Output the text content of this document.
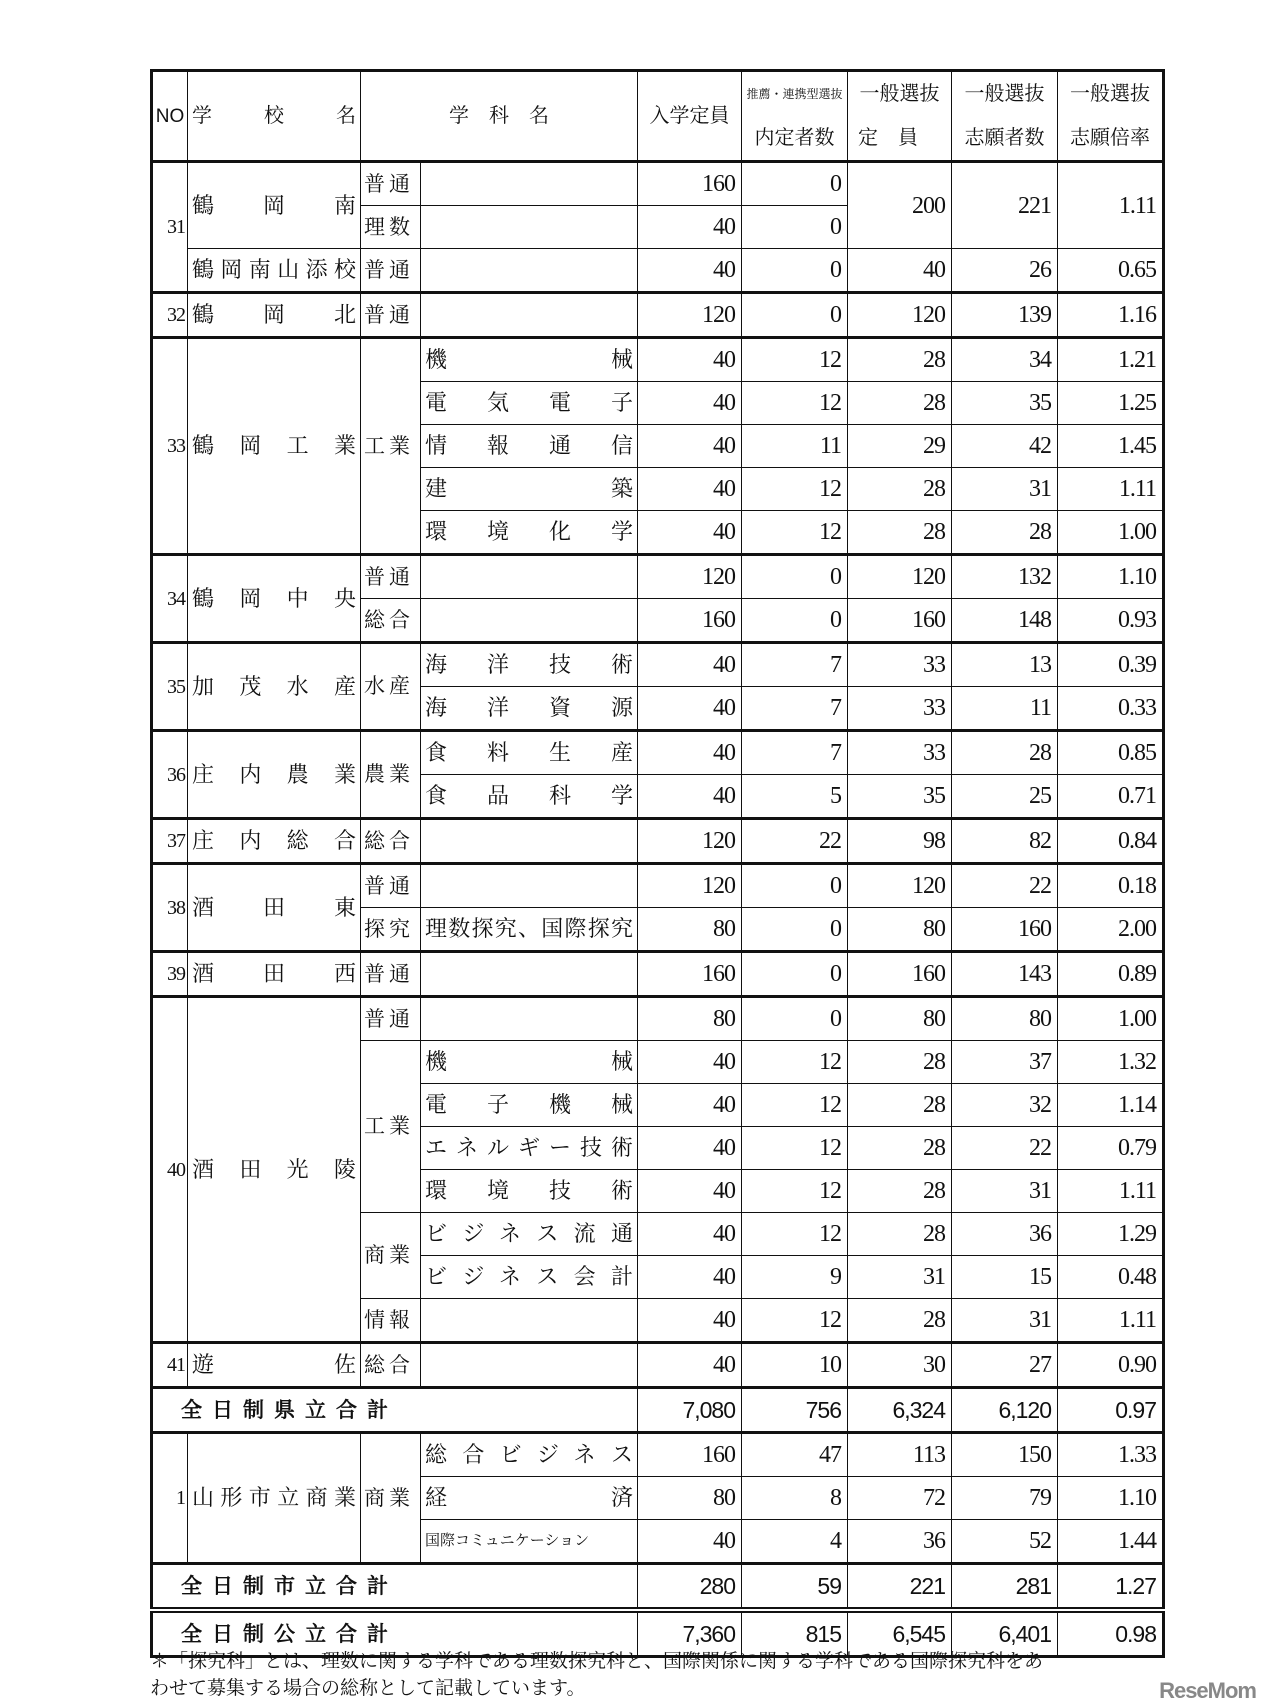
NO	学　校　名	学　科　名		入学定員	推薦・連携型選抜	一般選抜	一般選抜	一般選抜
					内定者数	定　員	志願者数	志願倍率
31	鶴岡南	普通		160	0	200	221	1.11
		理数		40	0			
	鶴岡南山添校	普通		40	0	40	26	0.65
32	鶴岡北	普通		120	0	120	139	1.16
33	鶴岡工業	工業	機械	40	12	28	34	1.21
			電気電子	40	12	28	35	1.25
			情報通信	40	11	29	42	1.45
			建築	40	12	28	31	1.11
			環境化学	40	12	28	28	1.00
34	鶴岡中央	普通		120	0	120	132	1.10
		総合		160	0	160	148	0.93
35	加茂水産	水産	海洋技術	40	7	33	13	0.39
			海洋資源	40	7	33	11	0.33
36	庄内農業	農業	食料生産	40	7	33	28	0.85
			食品科学	40	5	35	25	0.71
37	庄内総合	総合		120	22	98	82	0.84
38	酒田東	普通		120	0	120	22	0.18
		探究	理数探究、国際探究	80	0	80	160	2.00
39	酒田西	普通		160	0	160	143	0.89
40	酒田光陵	普通		80	0	80	80	1.00
		工業	機械	40	12	28	37	1.32
			電子機械	40	12	28	32	1.14
			エネルギー技術	40	12	28	22	0.79
			環境技術	40	12	28	31	1.11
		商業	ビジネス流通	40	12	28	36	1.29
			ビジネス会計	40	9	31	15	0.48
		情報		40	12	28	31	1.11
41	遊佐	総合		40	10	30	27	0.90
全日制県立合計				7,080	756	6,324	6,120	0.97
1	山形市立商業	商業	総合ビジネス	160	47	113	150	1.33
			経済	80	8	72	79	1.10
			国際コミュニケーション	40	4	36	52	1.44
全日制市立合計				280	59	221	281	1.27
全日制公立合計				7,360	815	6,545	6,401	0.98
＊「探究科」とは、理数に関する学科である理数探究科と、国際関係に関する学科である国際探究科をあ
わせて募集する場合の総称として記載しています。	ReseMom
